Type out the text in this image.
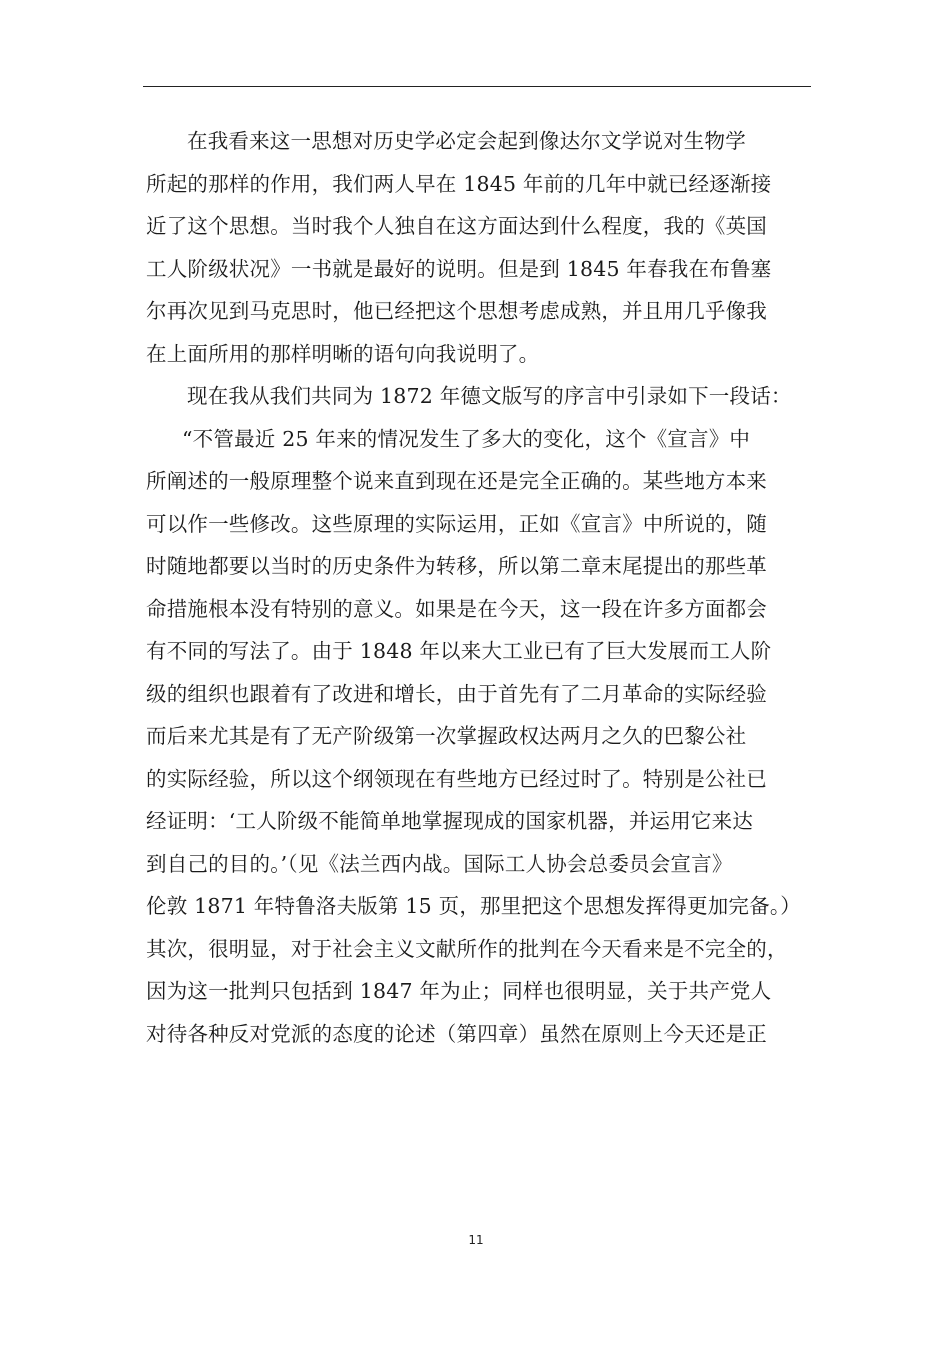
在我看来这一思想对历史学必定会起到像达尔文学说对生物学
所起的那样的作用，我们两人早在 1845 年前的几年中就已经逐渐接
近了这个思想。当时我个人独自在这方面达到什么程度，我的《英国
工人阶级状况》一书就是最好的说明。但是到 1845 年春我在布鲁塞
尔再次见到马克思时，他已经把这个思想考虑成熟，并且用几乎像我
在上面所用的那样明晰的语句向我说明了。
现在我从我们共同为 1872 年德文版写的序言中引录如下一段话：
“不管最近 25 年来的情况发生了多大的变化，这个《宣言》中
所阐述的一般原理整个说来直到现在还是完全正确的。某些地方本来
可以作一些修改。这些原理的实际运用，正如《宣言》中所说的，随
时随地都要以当时的历史条件为转移，所以第二章末尾提出的那些革
命措施根本没有特别的意义。如果是在今天，这一段在许多方面都会
有不同的写法了。由于 1848 年以来大工业已有了巨大发展而工人阶
级的组织也跟着有了改进和增长，由于首先有了二月革命的实际经验
而后来尤其是有了无产阶级第一次掌握政权达两月之久的巴黎公社
的实际经验，所以这个纲领现在有些地方已经过时了。特别是公社已
经证明：‘工人阶级不能简单地掌握现成的国家机器，并运用它来达
到自己的目的。’（见《法兰西内战。国际工人协会总委员会宣言》
伦敦 1871 年特鲁洛夫版第 15 页，那里把这个思想发挥得更加完备。）
其次，很明显，对于社会主义文献所作的批判在今天看来是不完全的，
因为这一批判只包括到 1847 年为止；同样也很明显，关于共产党人
对待各种反对党派的态度的论述（第四章）虽然在原则上今天还是正
11
